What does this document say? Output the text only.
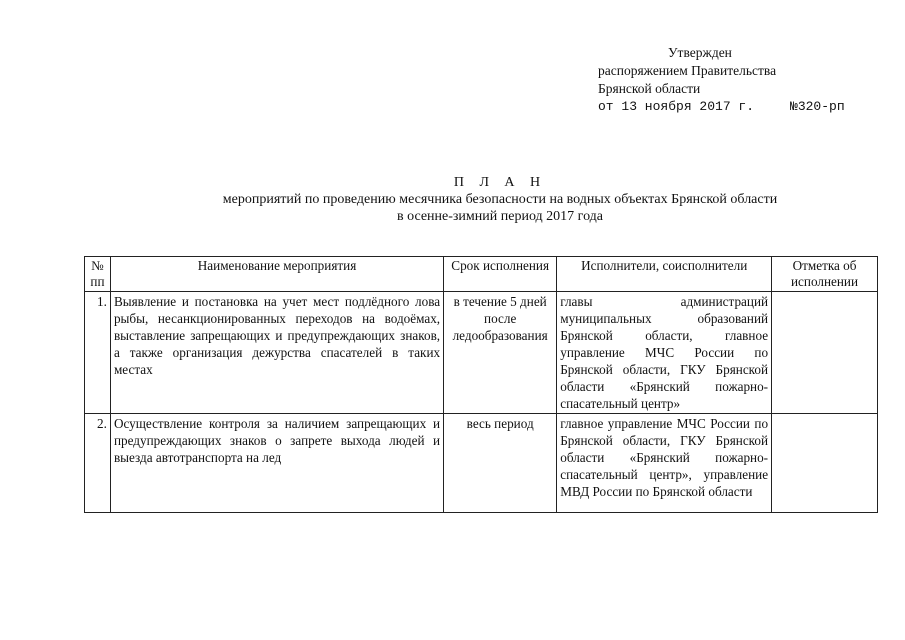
Утвержден
распоряжением Правительства
Брянской области
от 13 ноября 2017 г.	№320-рп
П Л А Н
мероприятий по проведению месячника безопасности на водных объектах Брянской области
в осенне-зимний период 2017 года
№ пп	Наименование мероприятия	Срок исполнения	Исполнители, соисполнители	Отметка об исполнении
1.	Выявление и постановка на учет мест подлёдного лова рыбы, несанкционированных переходов на водоёмах, выставление запрещающих и предупреждающих знаков, а также организация дежурства спасателей в таких местах	в течение 5 дней после ледообразования	главы администраций муниципальных образований Брянской области, главное управление МЧС России по Брянской области, ГКУ Брянской области «Брянский пожарно-спасательный центр»	
2.	Осуществление контроля за наличием запрещающих и предупреждающих знаков о запрете выхода людей и выезда автотранспорта на лед	весь период	главное управление МЧС России по Брянской области, ГКУ Брянской области «Брянский пожарно-спасательный центр», управление МВД России по Брянской области	
